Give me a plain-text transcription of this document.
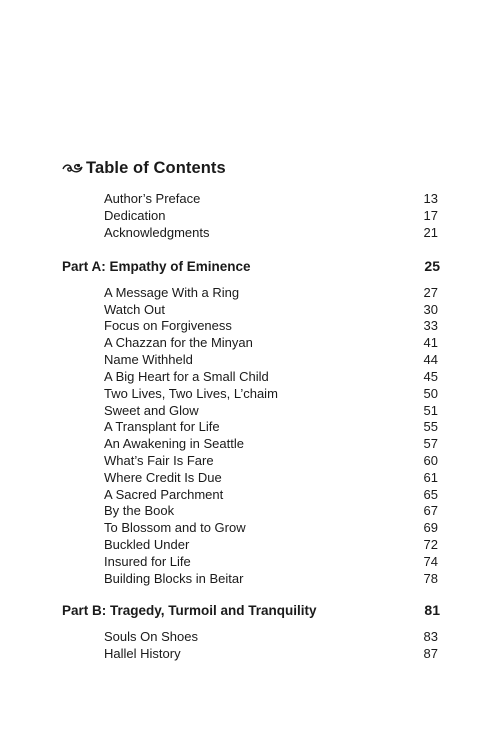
Table of Contents
Author’s Preface	13
Dedication	17
Acknowledgments	21
Part A: Empathy of Eminence	25
A Message With a Ring	27
Watch Out	30
Focus on Forgiveness	33
A Chazzan for the Minyan	41
Name Withheld	44
A Big Heart for a Small Child	45
Two Lives, Two Lives, L’chaim	50
Sweet and Glow	51
A Transplant for Life	55
An Awakening in Seattle	57
What’s Fair Is Fare	60
Where Credit Is Due	61
A Sacred Parchment	65
By the Book	67
To Blossom and to Grow	69
Buckled Under	72
Insured for Life	74
Building Blocks in Beitar	78
Part B: Tragedy, Turmoil and Tranquility	81
Souls On Shoes	83
Hallel History	87
